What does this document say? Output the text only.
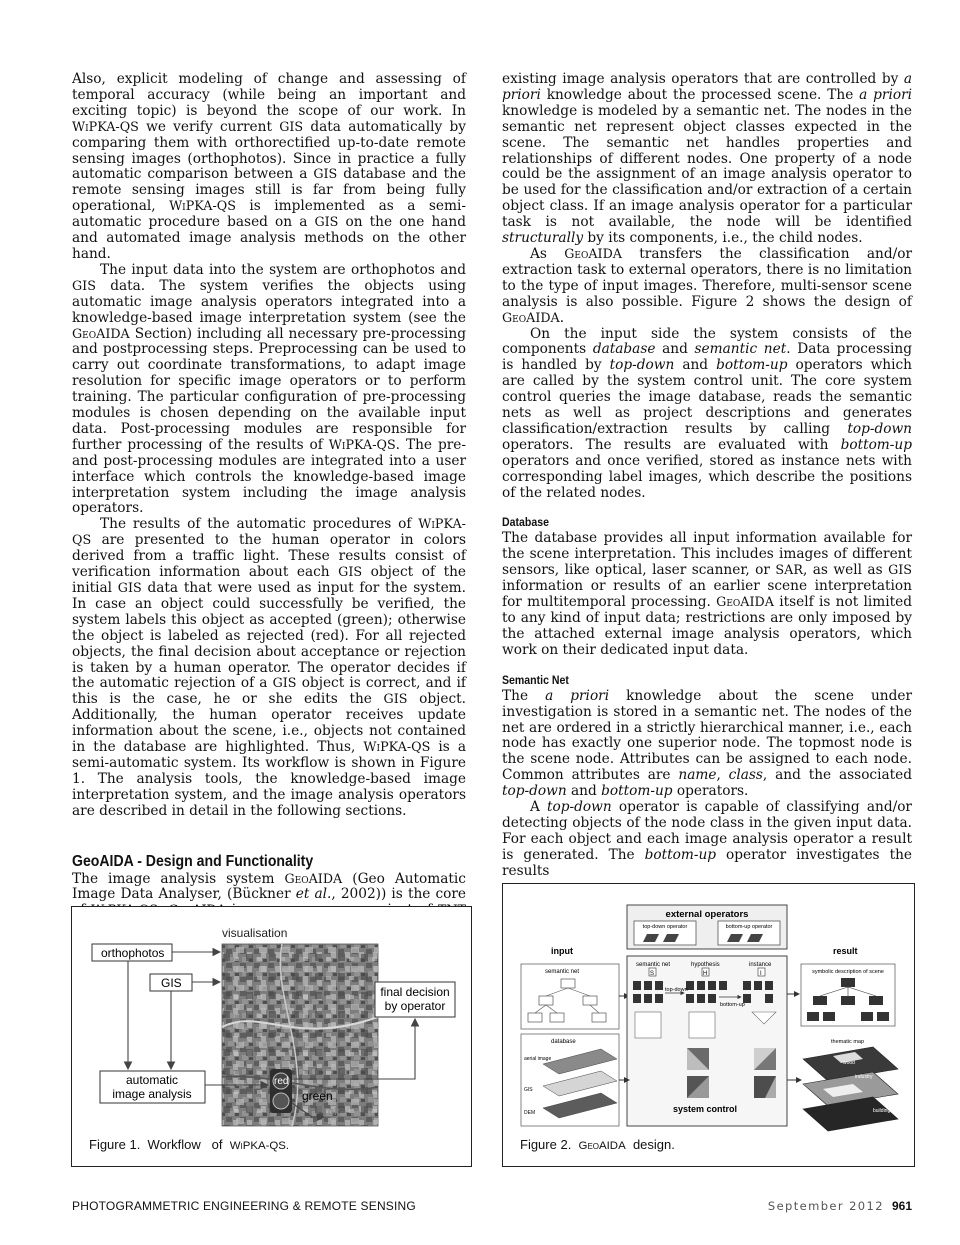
Also, explicit modeling of change and assessing of temporal accuracy (while being an important and exciting topic) is beyond the scope of our work. In WiPKA-QS we verify current GIS data automatically by comparing them with orthorectified up-to-date remote sensing images (orthophotos). Since in practice a fully automatic comparison between a GIS database and the remote sensing images still is far from being fully operational, WiPKA-QS is implemented as a semi-automatic procedure based on a GIS on the one hand and automated image analysis methods on the other hand.

The input data into the system are orthophotos and GIS data. The system verifies the objects using automatic image analysis operators integrated into a knowledge-based image interpretation system (see the GeoAIDA Section) including all necessary pre-processing and postprocessing steps. Preprocessing can be used to carry out coordinate transformations, to adapt image resolution for specific image operators or to perform training. The particular configuration of pre-processing modules is chosen depending on the available input data. Post-processing modules are responsible for further processing of the results of WiPKA-QS. The pre- and post-processing modules are integrated into a user interface which controls the knowledge-based image interpretation system including the image analysis operators.

The results of the automatic procedures of WiPKA-QS are presented to the human operator in colors derived from a traffic light. These results consist of verification information about each GIS object of the initial GIS data that were used as input for the system. In case an object could successfully be verified, the system labels this object as accepted (green); otherwise the object is labeled as rejected (red). For all rejected objects, the final decision about acceptance or rejection is taken by a human operator. The operator decides if the automatic rejection of a GIS object is correct, and if this is the case, he or she edits the GIS object. Additionally, the human operator receives update information about the scene, i.e., objects not contained in the database are highlighted. Thus, WiPKA-QS is a semi-automatic system. Its workflow is shown in Figure 1. The analysis tools, the knowledge-based image interpretation system, and the image analysis operators are described in detail in the following sections.

GeoAIDA - Design and Functionality

The image analysis system GeoAIDA (Geo Automatic Image Data Analyser, (Bückner et al., 2002)) is the core

existing image analysis operators that are controlled by a priori knowledge about the processed scene. The a priori knowledge is modeled by a semantic net. The nodes in the semantic net represent object classes expected in the scene. The semantic net handles properties and relationships of different nodes. One property of a node could be the assignment of an image analysis operator to be used for the classification and/or extraction of a certain object class. If an image analysis operator for a particular task is not available, the node will be identified structurally by its components, i.e., the child nodes.

As GeoAIDA transfers the classification and/or extraction task to external operators, there is no limitation to the type of input images. Therefore, multi-sensor scene analysis is also possible. Figure 2 shows the design of GeoAIDA.

On the input side the system consists of the components database and semantic net. Data processing is handled by top-down and bottom-up operators which are called by the system control unit. The core system control queries the image database, reads the semantic nets as well as project descriptions and generates classification/extraction results by calling top-down operators. The results are evaluated with bottom-up operators and once verified, stored as instance nets with corresponding label images, which describe the positions of the related nodes.

Database

The database provides all input information available for the scene interpretation. This includes images of different sensors, like optical, laser scanner, or SAR, as well as GIS information or results of an earlier scene interpretation for multitemporal processing. GeoAIDA itself is not limited to any kind of input data; restrictions are only imposed by the attached external image analysis operators, which work on their dedicated input data.

Semantic Net

The a priori knowledge about the scene under investigation is stored in a semantic net. The nodes of the net are ordered in a strictly hierarchical manner, i.e., each node has exactly one superior node. The topmost node is the scene node. Attributes can be assigned to each node. Common attributes are name, class, and the associated top-down and bottom-up operators.

A top-down operator is capable of classifying and/or detecting objects of the node class in the given input data. For each object and each image analysis operator a result is generated. The bottom-up operator investigates the results

visualisation
orthophotos
GIS
final decision
by operator
automatic
image analysis
red
green
ok
Figure 1. Workflow of WiPKA-QS.
external operators
top-down operator	bottom-up operator
input	result
semantic net
semantic net	hypothesis	instance
S	H	I
top-down
bottom-up
system control
database
aerial image
GIS
DEM
symbolic description of scene
thematic map
wood
industry
buildings
Figure 2. GeoAIDA design.
PHOTOGRAMMETRIC ENGINEERING & REMOTE SENSING	September 2012 961
